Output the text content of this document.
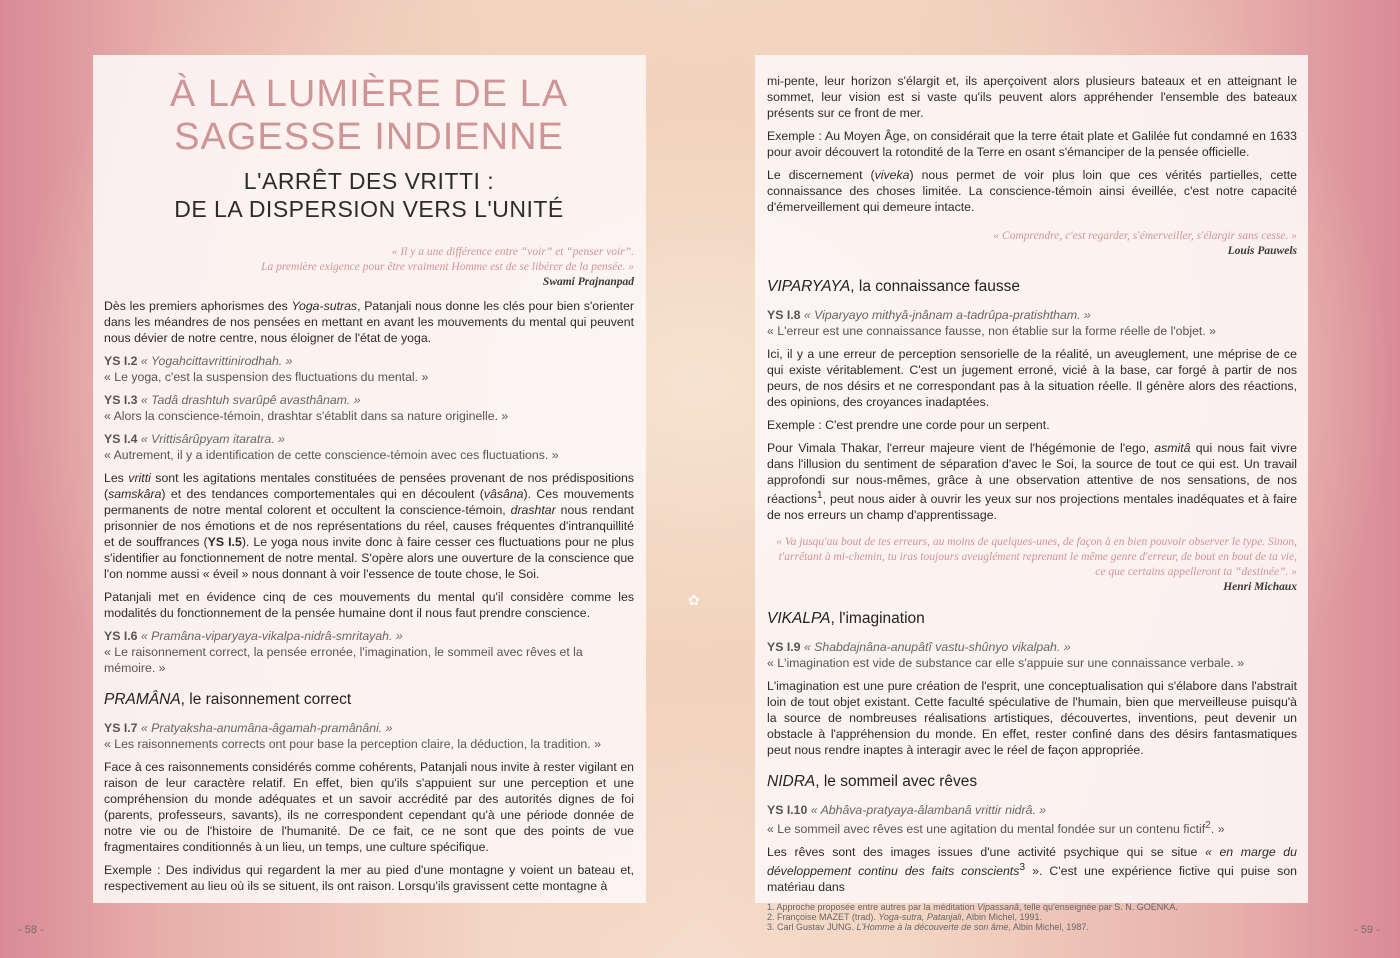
À LA LUMIÈRE DE LA
SAGESSE INDIENNE
L'ARRÊT DES VRITTI :
DE LA DISPERSION VERS L'UNITÉ
« Il y a une différence entre “voir” et “penser voir”.
La première exigence pour être vraiment Homme est de se libérer de la pensée. »
Swami Prajnanpad

Dès les premiers aphorismes des Yoga-sutras, Patanjali nous donne les clés pour bien s'orienter dans les méandres de nos pensées en mettant en avant les mouvements du mental qui peuvent nous dévier de notre centre, nous éloigner de l'état de yoga.

YS I.2 « Yogahcittavrittinirodhah. »
« Le yoga, c'est la suspension des fluctuations du mental. »
YS I.3 « Tadâ drashtuh svarûpê avasthânam. »
« Alors la conscience-témoin, drashtar s'établit dans sa nature originelle. »
YS I.4 « Vrittisârûpyam itaratra. »
« Autrement, il y a identification de cette conscience-témoin avec ces fluctuations. »

Les vritti sont les agitations mentales constituées de pensées provenant de nos prédispositions (samskâra) et des tendances comportementales qui en découlent (vâsâna). Ces mouvements permanents de notre mental colorent et occultent la conscience-témoin, drashtar nous rendant prisonnier de nos émotions et de nos représentations du réel, causes fréquentes d'intranquillité et de souffrances (YS I.5). Le yoga nous invite donc à faire cesser ces fluctuations pour ne plus s'identifier au fonctionnement de notre mental. S'opère alors une ouverture de la conscience que l'on nomme aussi « éveil » nous donnant à voir l'essence de toute chose, le Soi.

Patanjali met en évidence cinq de ces mouvements du mental qu'il considère comme les modalités du fonctionnement de la pensée humaine dont il nous faut prendre conscience.

YS I.6 « Pramâna-viparyaya-vikalpa-nidrâ-smritayah. »
« Le raisonnement correct, la pensée erronée, l'imagination, le sommeil avec rêves et la mémoire. »
PRAMÂNA, le raisonnement correct
YS I.7 « Pratyaksha-anumâna-âgamah-pramânâni. »
« Les raisonnements corrects ont pour base la perception claire, la déduction, la tradition. »

Face à ces raisonnements considérés comme cohérents, Patanjali nous invite à rester vigilant en raison de leur caractère relatif. En effet, bien qu'ils s'appuient sur une perception et une compréhension du monde adéquates et un savoir accrédité par des autorités dignes de foi (parents, professeurs, savants), ils ne correspondent cependant qu'à une période donnée de notre vie ou de l'histoire de l'humanité. De ce fait, ce ne sont que des points de vue fragmentaires conditionnés à un lieu, un temps, une culture spécifique.

Exemple : Des individus qui regardent la mer au pied d'une montagne y voient un bateau et, respectivement au lieu où ils se situent, ils ont raison. Lorsqu'ils gravissent cette montagne à

✿

mi-pente, leur horizon s'élargit et, ils aperçoivent alors plusieurs bateaux et en atteignant le sommet, leur vision est si vaste qu'ils peuvent alors appréhender l'ensemble des bateaux présents sur ce front de mer.

Exemple : Au Moyen Âge, on considérait que la terre était plate et Galilée fut condamné en 1633 pour avoir découvert la rotondité de la Terre en osant s'émanciper de la pensée officielle.

Le discernement (viveka) nous permet de voir plus loin que ces vérités partielles, cette connaissance des choses limitée. La conscience-témoin ainsi éveillée, c'est notre capacité d'émerveillement qui demeure intacte.

« Comprendre, c'est regarder, s'émerveiller, s'élargir sans cesse. »
Louis Pauwels
VIPARYAYA, la connaissance fausse
YS I.8 « Viparyayo mithyâ-jnânam a-tadrûpa-pratishtham. »
« L'erreur est une connaissance fausse, non établie sur la forme réelle de l'objet. »

Ici, il y a une erreur de perception sensorielle de la réalité, un aveuglement, une méprise de ce qui existe véritablement. C'est un jugement erroné, vicié à la base, car forgé à partir de nos peurs, de nos désirs et ne correspondant pas à la situation réelle. Il génère alors des réactions, des opinions, des croyances inadaptées.

Exemple : C'est prendre une corde pour un serpent.

Pour Vimala Thakar, l'erreur majeure vient de l'hégémonie de l'ego, asmitâ qui nous fait vivre dans l'illusion du sentiment de séparation d'avec le Soi, la source de tout ce qui est. Un travail approfondi sur nous-mêmes, grâce à une observation attentive de nos sensations, de nos réactions$^1$, peut nous aider à ouvrir les yeux sur nos projections mentales inadéquates et à faire de nos erreurs un champ d'apprentissage.

« Va jusqu'au bout de tes erreurs, au moins de quelques-unes, de façon à en bien pouvoir observer le type. Sinon, t'arrêtant à mi-chemin, tu iras toujours aveuglément reprenant le même genre d'erreur, de bout en bout de ta vie, ce que certains appelleront ta “destinée”. »
Henri Michaux
VIKALPA, l'imagination
YS I.9 « Shabdajnâna-anupâtî vastu-shûnyo vikalpah. »
« L'imagination est vide de substance car elle s'appuie sur une connaissance verbale. »

L'imagination est une pure création de l'esprit, une conceptualisation qui s'élabore dans l'abstrait loin de tout objet existant. Cette faculté spéculative de l'humain, bien que merveilleuse puisqu'à la source de nombreuses réalisations artistiques, découvertes, inventions, peut devenir un obstacle à l'appréhension du monde. En effet, rester confiné dans des désirs fantasmatiques peut nous rendre inaptes à interagir avec le réel de façon appropriée.

NIDRA, le sommeil avec rêves
YS I.10 « Abhâva-pratyaya-âlambanâ vrittir nidrâ. »
« Le sommeil avec rêves est une agitation du mental fondée sur un contenu fictif$^2$. »

Les rêves sont des images issues d'une activité psychique qui se situe « en marge du développement continu des faits conscients$^3$ ». C'est une expérience fictive qui puise son matériau dans

1. Approche proposée entre autres par la méditation Vipassanâ, telle qu'enseignée par S. N. GOENKA.
2. Françoise MAZET (trad). Yoga-sutra, Patanjali, Albin Michel, 1991.
3. Carl Gustav JUNG. L'Homme à la découverte de son âme, Albin Michel, 1987.
- 58 -	- 59 -
